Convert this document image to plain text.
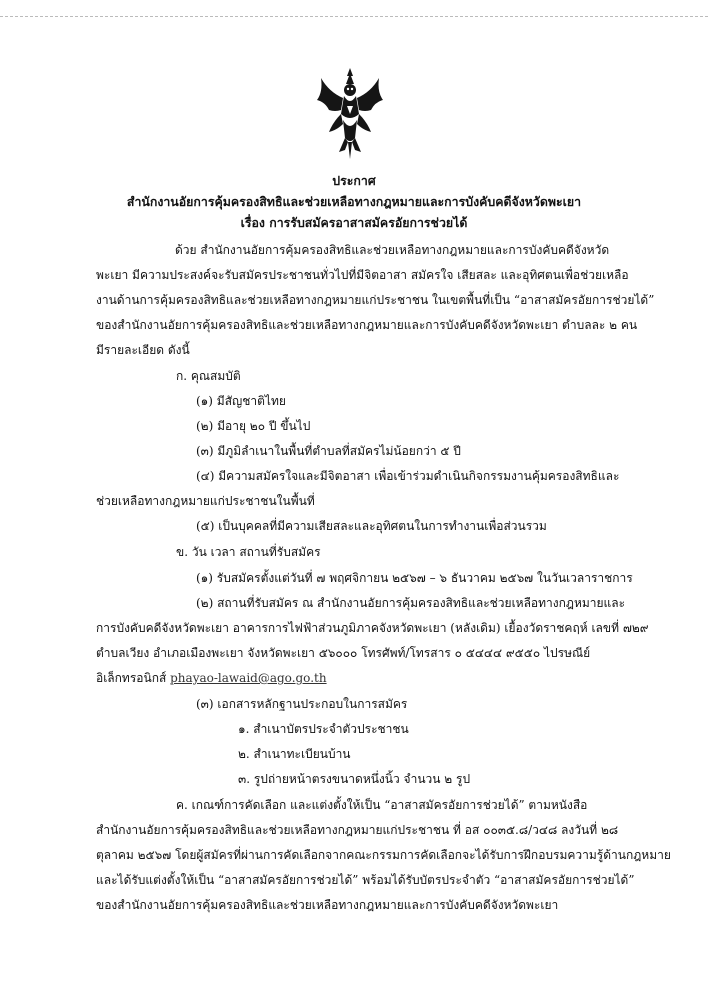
ประกาศ
สำนักงานอัยการคุ้มครองสิทธิและช่วยเหลือทางกฎหมายและการบังคับคดีจังหวัดพะเยา
เรื่อง การรับสมัครอาสาสมัครอัยการช่วยได้
ด้วย สำนักงานอัยการคุ้มครองสิทธิและช่วยเหลือทางกฎหมายและการบังคับคดีจังหวัด
พะเยา มีความประสงค์จะรับสมัครประชาชนทั่วไปที่มีจิตอาสา สมัครใจ เสียสละ และอุทิศตนเพื่อช่วยเหลือ
งานด้านการคุ้มครองสิทธิและช่วยเหลือทางกฎหมายแก่ประชาชน ในเขตพื้นที่เป็น “อาสาสมัครอัยการช่วยได้”
ของสำนักงานอัยการคุ้มครองสิทธิและช่วยเหลือทางกฎหมายและการบังคับคดีจังหวัดพะเยา ตำบลละ ๒ คน
มีรายละเอียด ดังนี้
ก. คุณสมบัติ
(๑) มีสัญชาติไทย
(๒) มีอายุ ๒๐ ปี ขึ้นไป
(๓) มีภูมิลำเนาในพื้นที่ตำบลที่สมัครไม่น้อยกว่า ๕ ปี
(๔) มีความสมัครใจและมีจิตอาสา เพื่อเข้าร่วมดำเนินกิจกรรมงานคุ้มครองสิทธิและ
ช่วยเหลือทางกฎหมายแก่ประชาชนในพื้นที่
(๕) เป็นบุคคลที่มีความเสียสละและอุทิศตนในการทำงานเพื่อส่วนรวม
ข. วัน เวลา สถานที่รับสมัคร
(๑) รับสมัครตั้งแต่วันที่ ๗ พฤศจิกายน ๒๕๖๗ – ๖ ธันวาคม ๒๕๖๗ ในวันเวลาราชการ
(๒) สถานที่รับสมัคร ณ สำนักงานอัยการคุ้มครองสิทธิและช่วยเหลือทางกฎหมายและ
การบังคับคดีจังหวัดพะเยา อาคารการไฟฟ้าส่วนภูมิภาคจังหวัดพะเยา (หลังเดิม) เยื้องวัดราชคฤห์ เลขที่ ๗๒๙
ตำบลเวียง อำเภอเมืองพะเยา จังหวัดพะเยา ๕๖๐๐๐ โทรศัพท์/โทรสาร ๐ ๕๔๔๔ ๙๕๕๐ ไปรษณีย์
อิเล็กทรอนิกส์ phayao-lawaid@ago.go.th
(๓) เอกสารหลักฐานประกอบในการสมัคร
๑. สำเนาบัตรประจำตัวประชาชน
๒. สำเนาทะเบียนบ้าน
๓. รูปถ่ายหน้าตรงขนาดหนึ่งนิ้ว จำนวน ๒ รูป
ค. เกณฑ์การคัดเลือก และแต่งตั้งให้เป็น “อาสาสมัครอัยการช่วยได้” ตามหนังสือ
สำนักงานอัยการคุ้มครองสิทธิและช่วยเหลือทางกฎหมายแก่ประชาชน ที่ อส ๐๐๓๕.๘/ว๔๘ ลงวันที่ ๒๘
ตุลาคม ๒๕๖๗ โดยผู้สมัครที่ผ่านการคัดเลือกจากคณะกรรมการคัดเลือกจะได้รับการฝึกอบรมความรู้ด้านกฎหมาย
และได้รับแต่งตั้งให้เป็น “อาสาสมัครอัยการช่วยได้” พร้อมได้รับบัตรประจำตัว “อาสาสมัครอัยการช่วยได้”
ของสำนักงานอัยการคุ้มครองสิทธิและช่วยเหลือทางกฎหมายและการบังคับคดีจังหวัดพะเยา
